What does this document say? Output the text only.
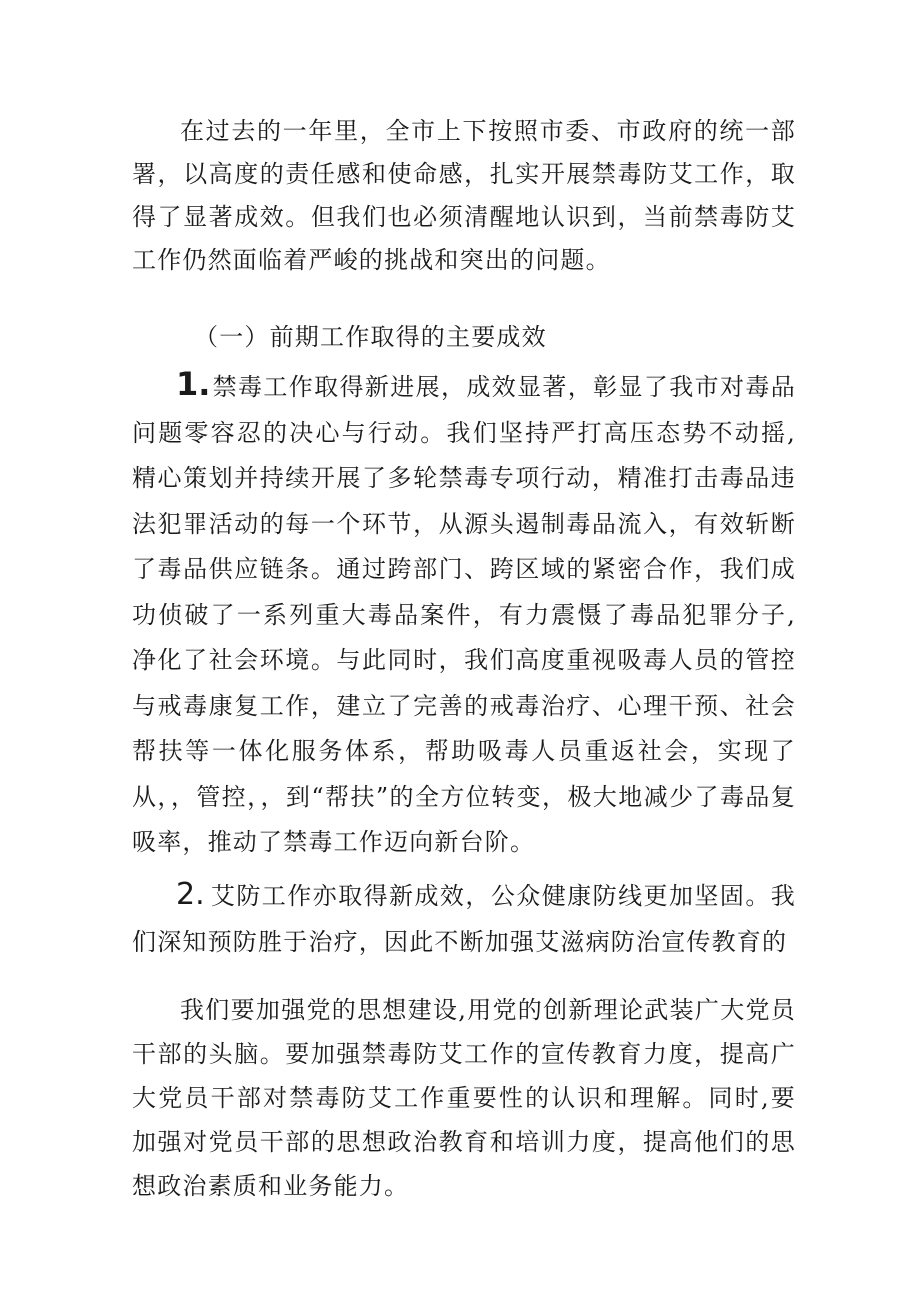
在过去的一年里，全市上下按照市委、市政府的统一部署，以高度的责任感和使命感，扎实开展禁毒防艾工作，取得了显著成效。但我们也必须清醒地认识到，当前禁毒防艾工作仍然面临着严峻的挑战和突出的问题。

（一）前期工作取得的主要成效

1.禁毒工作取得新进展，成效显著，彰显了我市对毒品问题零容忍的决心与行动。我们坚持严打高压态势不动摇,精心策划并持续开展了多轮禁毒专项行动，精准打击毒品违法犯罪活动的每一个环节，从源头遏制毒品流入，有效斩断了毒品供应链条。通过跨部门、跨区域的紧密合作，我们成功侦破了一系列重大毒品案件，有力震慑了毒品犯罪分子,净化了社会环境。与此同时，我们高度重视吸毒人员的管控与戒毒康复工作，建立了完善的戒毒治疗、心理干预、社会帮扶等一体化服务体系，帮助吸毒人员重返社会，实现了从，，管控，，到“帮扶”的全方位转变，极大地减少了毒品复吸率，推动了禁毒工作迈向新台阶。

2. 艾防工作亦取得新成效，公众健康防线更加坚固。我们深知预防胜于治疗，因此不断加强艾滋病防治宣传教育的

我们要加强党的思想建设,用党的创新理论武装广大党员干部的头脑。要加强禁毒防艾工作的宣传教育力度，提高广大党员干部对禁毒防艾工作重要性的认识和理解。同时,要加强对党员干部的思想政治教育和培训力度，提高他们的思想政治素质和业务能力。
